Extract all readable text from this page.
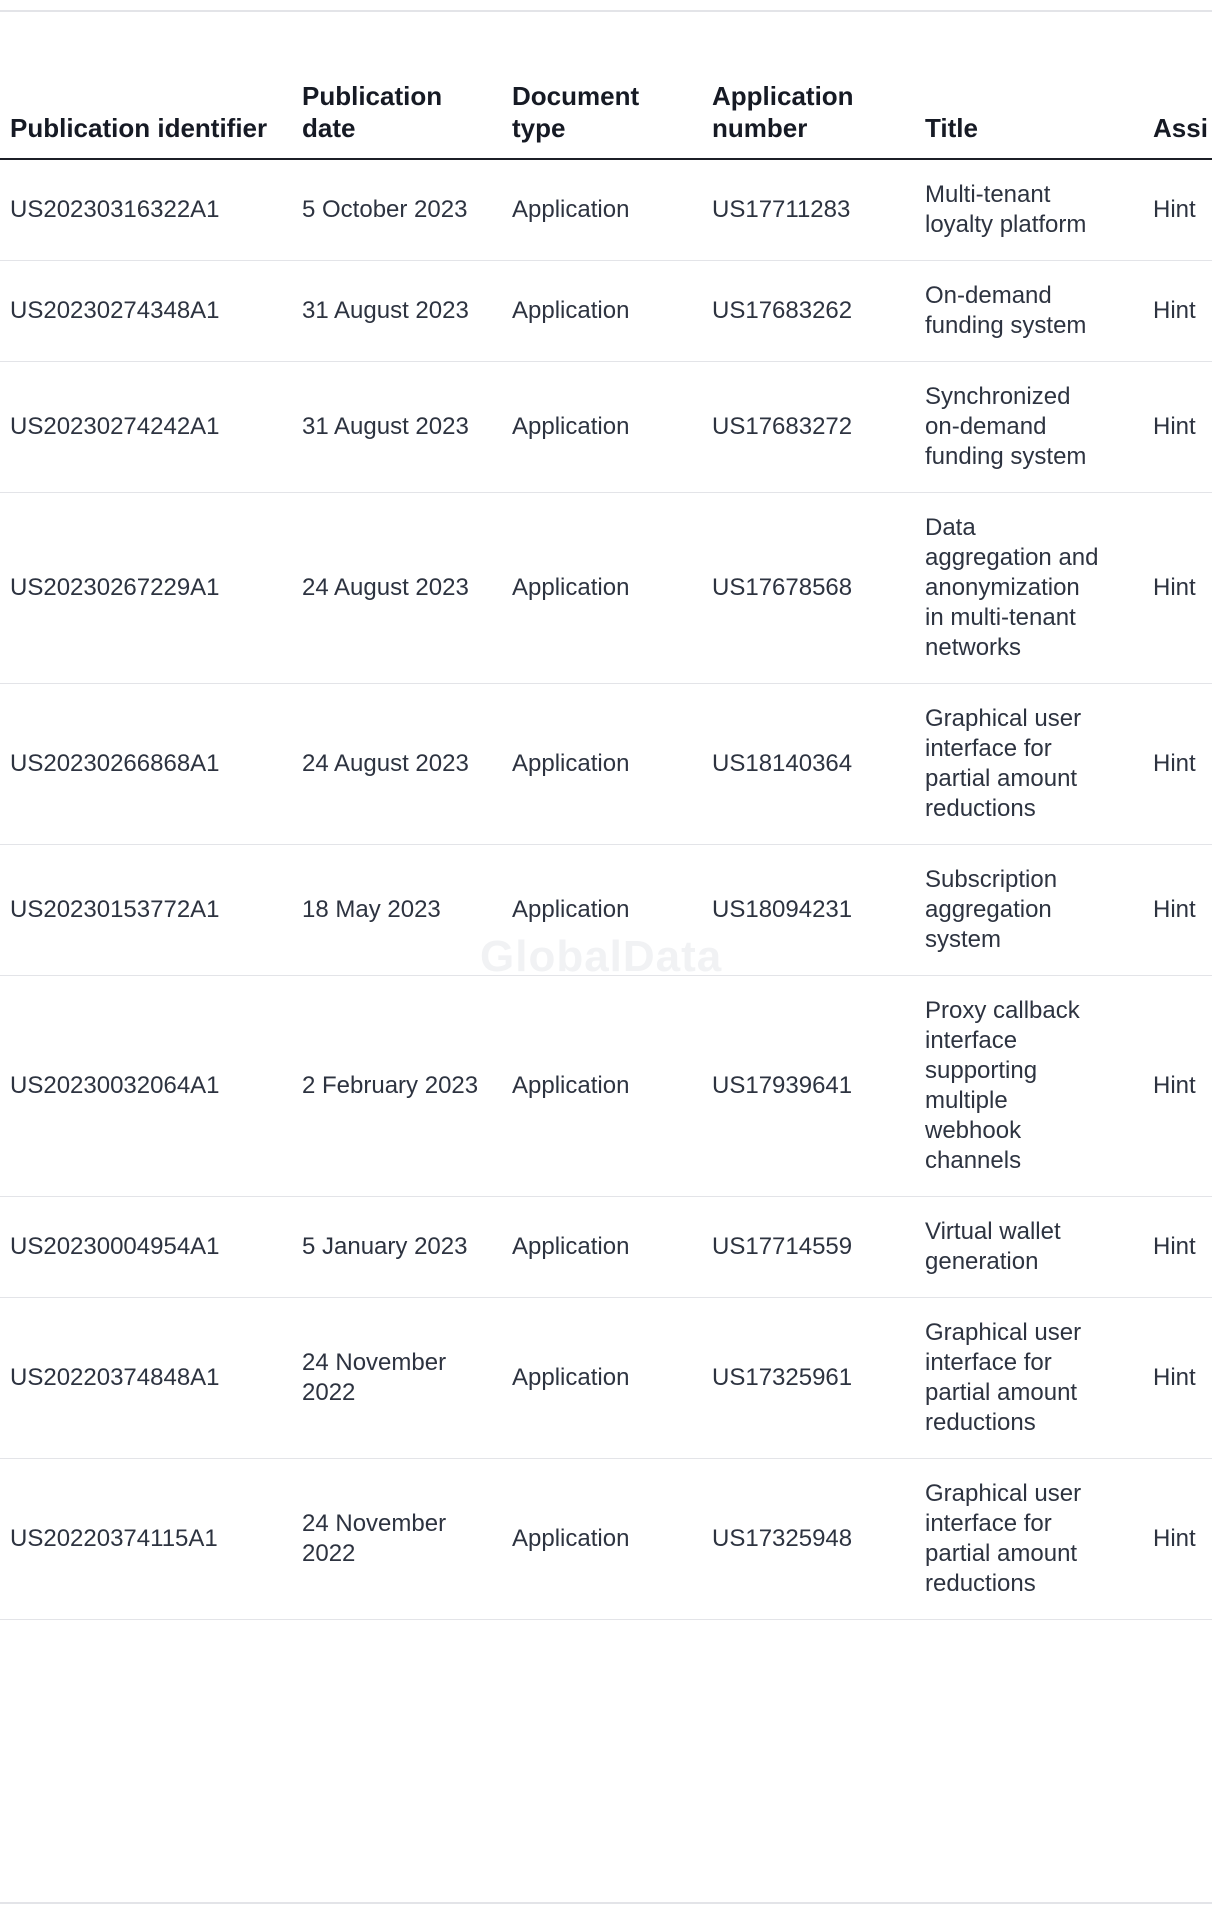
Publication identifier	Publication date	Document type	Application number	Title	Assi
US20230316322A1	5 October 2023	Application	US17711283	Multi-tenant loyalty platform	Hint
US20230274348A1	31 August 2023	Application	US17683262	On-demand funding system	Hint
US20230274242A1	31 August 2023	Application	US17683272	Synchronized on-demand funding system	Hint
US20230267229A1	24 August 2023	Application	US17678568	Data aggregation and anonymization in multi-tenant networks	Hint
US20230266868A1	24 August 2023	Application	US18140364	Graphical user interface for partial amount reductions	Hint
US20230153772A1	18 May 2023	Application	US18094231	Subscription aggregation system	Hint
US20230032064A1	2 February 2023	Application	US17939641	Proxy callback interface supporting multiple webhook channels	Hint
US20230004954A1	5 January 2023	Application	US17714559	Virtual wallet generation	Hint
US20220374848A1	24 November 2022	Application	US17325961	Graphical user interface for partial amount reductions	Hint
US20220374115A1	24 November 2022	Application	US17325948	Graphical user interface for partial amount reductions	Hint
GlobalData
